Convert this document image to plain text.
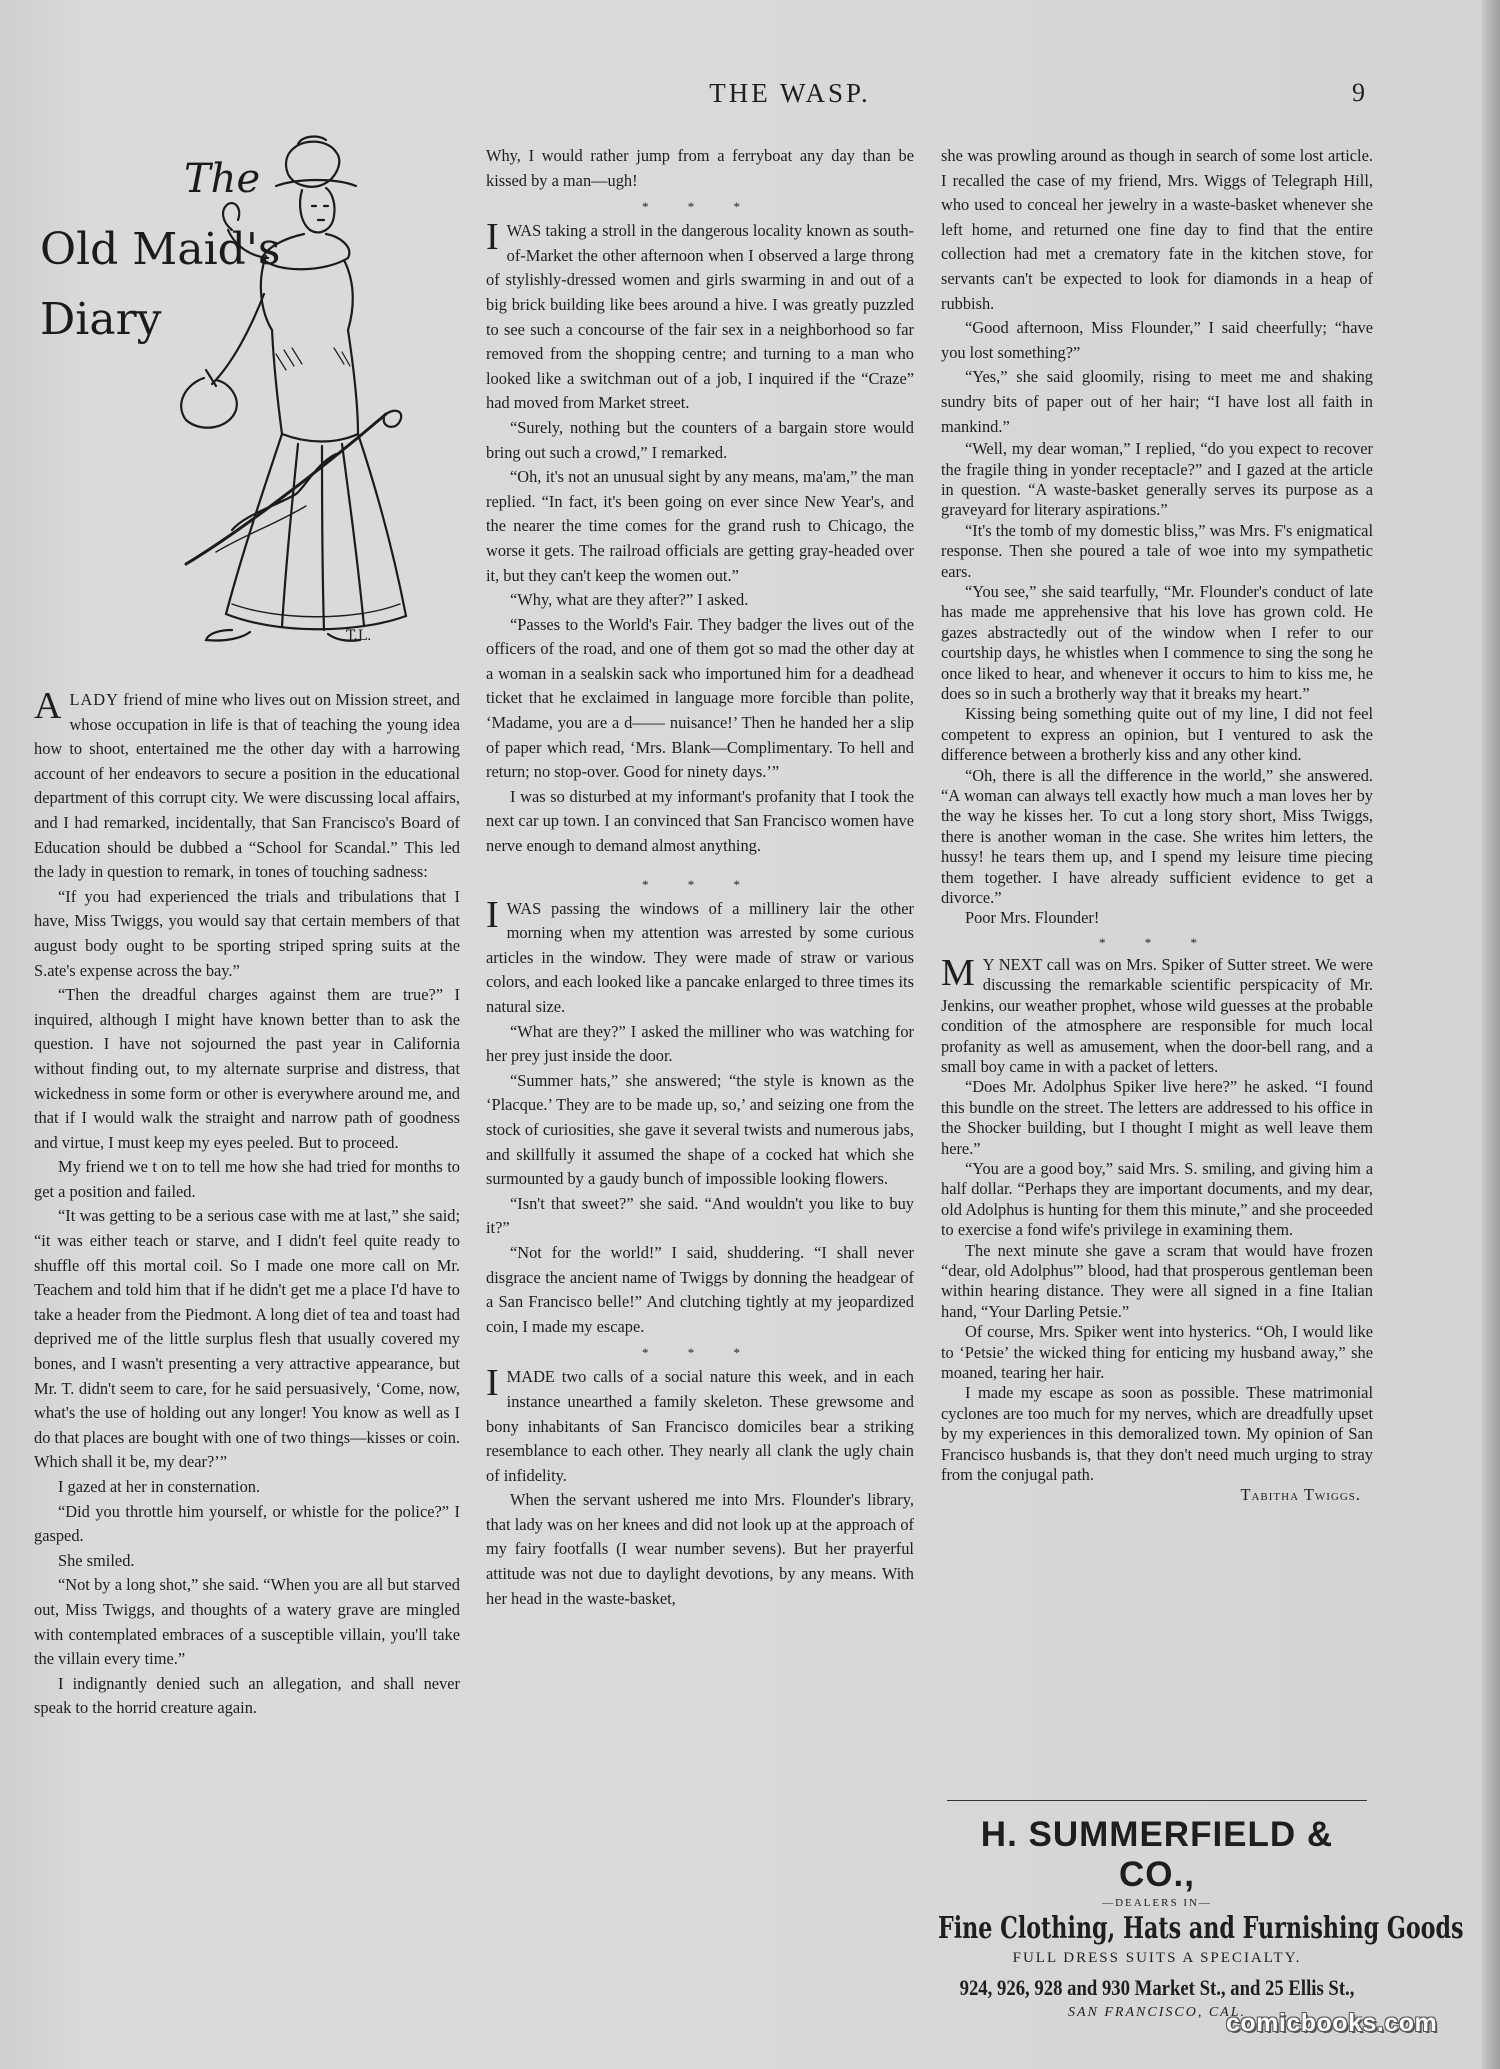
THE WASP.	9
The
Old Maid's
Diary
T.L.

ALADY friend of mine who lives out on Mission street, and whose occupation in life is that of teaching the young idea how to shoot, entertained me the other day with a harrowing account of her endeavors to secure a position in the educational department of this corrupt city. We were discussing local affairs, and I had remarked, incidentally, that San Francisco's Board of Education should be dubbed a “School for Scandal.” This led the lady in question to remark, in tones of touching sadness:

“If you had experienced the trials and tribulations that I have, Miss Twiggs, you would say that certain members of that august body ought to be sporting striped spring suits at the S.ate's expense across the bay.”

“Then the dreadful charges against them are true?” I inquired, although I might have known better than to ask the question. I have not sojourned the past year in California without finding out, to my alternate surprise and distress, that wickedness in some form or other is everywhere around me, and that if I would walk the straight and narrow path of goodness and virtue, I must keep my eyes peeled. But to proceed.

My friend we t on to tell me how she had tried for months to get a position and failed.

“It was getting to be a serious case with me at last,” she said; “it was either teach or starve, and I didn't feel quite ready to shuffle off this mortal coil. So I made one more call on Mr. Teachem and told him that if he didn't get me a place I'd have to take a header from the Piedmont. A long diet of tea and toast had deprived me of the little surplus flesh that usually covered my bones, and I wasn't presenting a very attractive appearance, but Mr. T. didn't seem to care, for he said persuasively, ‘Come, now, what's the use of holding out any longer! You know as well as I do that places are bought with one of two things—kisses or coin. Which shall it be, my dear?’”

I gazed at her in consternation.

“Did you throttle him yourself, or whistle for the police?” I gasped.

She smiled.

“Not by a long shot,” she said. “When you are all but starved out, Miss Twiggs, and thoughts of a watery grave are mingled with contemplated embraces of a susceptible villain, you'll take the villain every time.”

I indignantly denied such an allegation, and shall never speak to the horrid creature again.

Why, I would rather jump from a ferryboat any day than be kissed by a man—ugh!

* * *

IWAS taking a stroll in the dangerous locality known as south-of-Market the other afternoon when I observed a large throng of stylishly-dressed women and girls swarming in and out of a big brick building like bees around a hive. I was greatly puzzled to see such a concourse of the fair sex in a neighborhood so far removed from the shopping centre; and turning to a man who looked like a switchman out of a job, I inquired if the “Craze” had moved from Market street.

“Surely, nothing but the counters of a bargain store would bring out such a crowd,” I remarked.

“Oh, it's not an unusual sight by any means, ma'am,” the man replied. “In fact, it's been going on ever since New Year's, and the nearer the time comes for the grand rush to Chicago, the worse it gets. The railroad officials are getting gray-headed over it, but they can't keep the women out.”

“Why, what are they after?” I asked.

“Passes to the World's Fair. They badger the lives out of the officers of the road, and one of them got so mad the other day at a woman in a sealskin sack who importuned him for a deadhead ticket that he exclaimed in language more forcible than polite, ‘Madame, you are a d—— nuisance!’ Then he handed her a slip of paper which read, ‘Mrs. Blank—Complimentary. To hell and return; no stop-over. Good for ninety days.’”

I was so disturbed at my informant's profanity that I took the next car up town. I an convinced that San Francisco women have nerve enough to demand almost anything.

* * *

IWAS passing the windows of a millinery lair the other morning when my attention was arrested by some curious articles in the window. They were made of straw or various colors, and each looked like a pancake enlarged to three times its natural size.

“What are they?” I asked the milliner who was watching for her prey just inside the door.

“Summer hats,” she answered; “the style is known as the ‘Placque.’ They are to be made up, so,’ and seizing one from the stock of curiosities, she gave it several twists and numerous jabs, and skillfully it assumed the shape of a cocked hat which she surmounted by a gaudy bunch of impossible looking flowers.

“Isn't that sweet?” she said. “And wouldn't you like to buy it?”

“Not for the world!” I said, shuddering. “I shall never disgrace the ancient name of Twiggs by donning the headgear of a San Francisco belle!” And clutching tightly at my jeopardized coin, I made my escape.

* * *

IMADE two calls of a social nature this week, and in each instance unearthed a family skeleton. These grewsome and bony inhabitants of San Francisco domiciles bear a striking resemblance to each other. They nearly all clank the ugly chain of infidelity.

When the servant ushered me into Mrs. Flounder's library, that lady was on her knees and did not look up at the approach of my fairy footfalls (I wear number sevens). But her prayerful attitude was not due to daylight devotions, by any means. With her head in the waste-basket,

she was prowling around as though in search of some lost article. I recalled the case of my friend, Mrs. Wiggs of Telegraph Hill, who used to conceal her jewelry in a waste-basket whenever she left home, and returned one fine day to find that the entire collection had met a crematory fate in the kitchen stove, for servants can't be expected to look for diamonds in a heap of rubbish.

“Good afternoon, Miss Flounder,” I said cheerfully; “have you lost something?”

“Yes,” she said gloomily, rising to meet me and shaking sundry bits of paper out of her hair; “I have lost all faith in mankind.”

“Well, my dear woman,” I replied, “do you expect to recover the fragile thing in yonder receptacle?” and I gazed at the article in question. “A waste-basket generally serves its purpose as a graveyard for literary aspirations.”

“It's the tomb of my domestic bliss,” was Mrs. F's enigmatical response. Then she poured a tale of woe into my sympathetic ears.

“You see,” she said tearfully, “Mr. Flounder's conduct of late has made me apprehensive that his love has grown cold. He gazes abstractedly out of the window when I refer to our courtship days, he whistles when I commence to sing the song he once liked to hear, and whenever it occurs to him to kiss me, he does so in such a brotherly way that it breaks my heart.”

Kissing being something quite out of my line, I did not feel competent to express an opinion, but I ventured to ask the difference between a brotherly kiss and any other kind.

“Oh, there is all the difference in the world,” she answered. “A woman can always tell exactly how much a man loves her by the way he kisses her. To cut a long story short, Miss Twiggs, there is another woman in the case. She writes him letters, the hussy! he tears them up, and I spend my leisure time piecing them together. I have already sufficient evidence to get a divorce.”

Poor Mrs. Flounder!

* * *

M Y NEXT call was on Mrs. Spiker of Sutter street. We were discussing the remarkable scientific perspicacity of Mr. Jenkins, our weather prophet, whose wild guesses at the probable condition of the atmosphere are responsible for much local profanity as well as amusement, when the door-bell rang, and a small boy came in with a packet of letters.

“Does Mr. Adolphus Spiker live here?” he asked. “I found this bundle on the street. The letters are addressed to his office in the Shocker building, but I thought I might as well leave them here.”

“You are a good boy,” said Mrs. S. smiling, and giving him a half dollar. “Perhaps they are important documents, and my dear, old Adolphus is hunting for them this minute,” and she proceeded to exercise a fond wife's privilege in examining them.

The next minute she gave a scram that would have frozen “dear, old Adolphus'” blood, had that prosperous gentleman been within hearing distance. They were all signed in a fine Italian hand, “Your Darling Petsie.”

Of course, Mrs. Spiker went into hysterics. “Oh, I would like to ‘Petsie’ the wicked thing for enticing my husband away,” she moaned, tearing her hair.

I made my escape as soon as possible. These matrimonial cyclones are too much for my nerves, which are dreadfully upset by my experiences in this demoralized town. My opinion of San Francisco husbands is, that they don't need much urging to stray from the conjugal path.

Tabitha Twiggs.

H. SUMMERFIELD & CO.,
—DEALERS IN—
Fine Clothing, Hats and Furnishing Goods
FULL DRESS SUITS A SPECIALTY.
924, 926, 928 and 930 Market St., and 25 Ellis St.,
SAN FRANCISCO, CAL.
comicbooks.com
